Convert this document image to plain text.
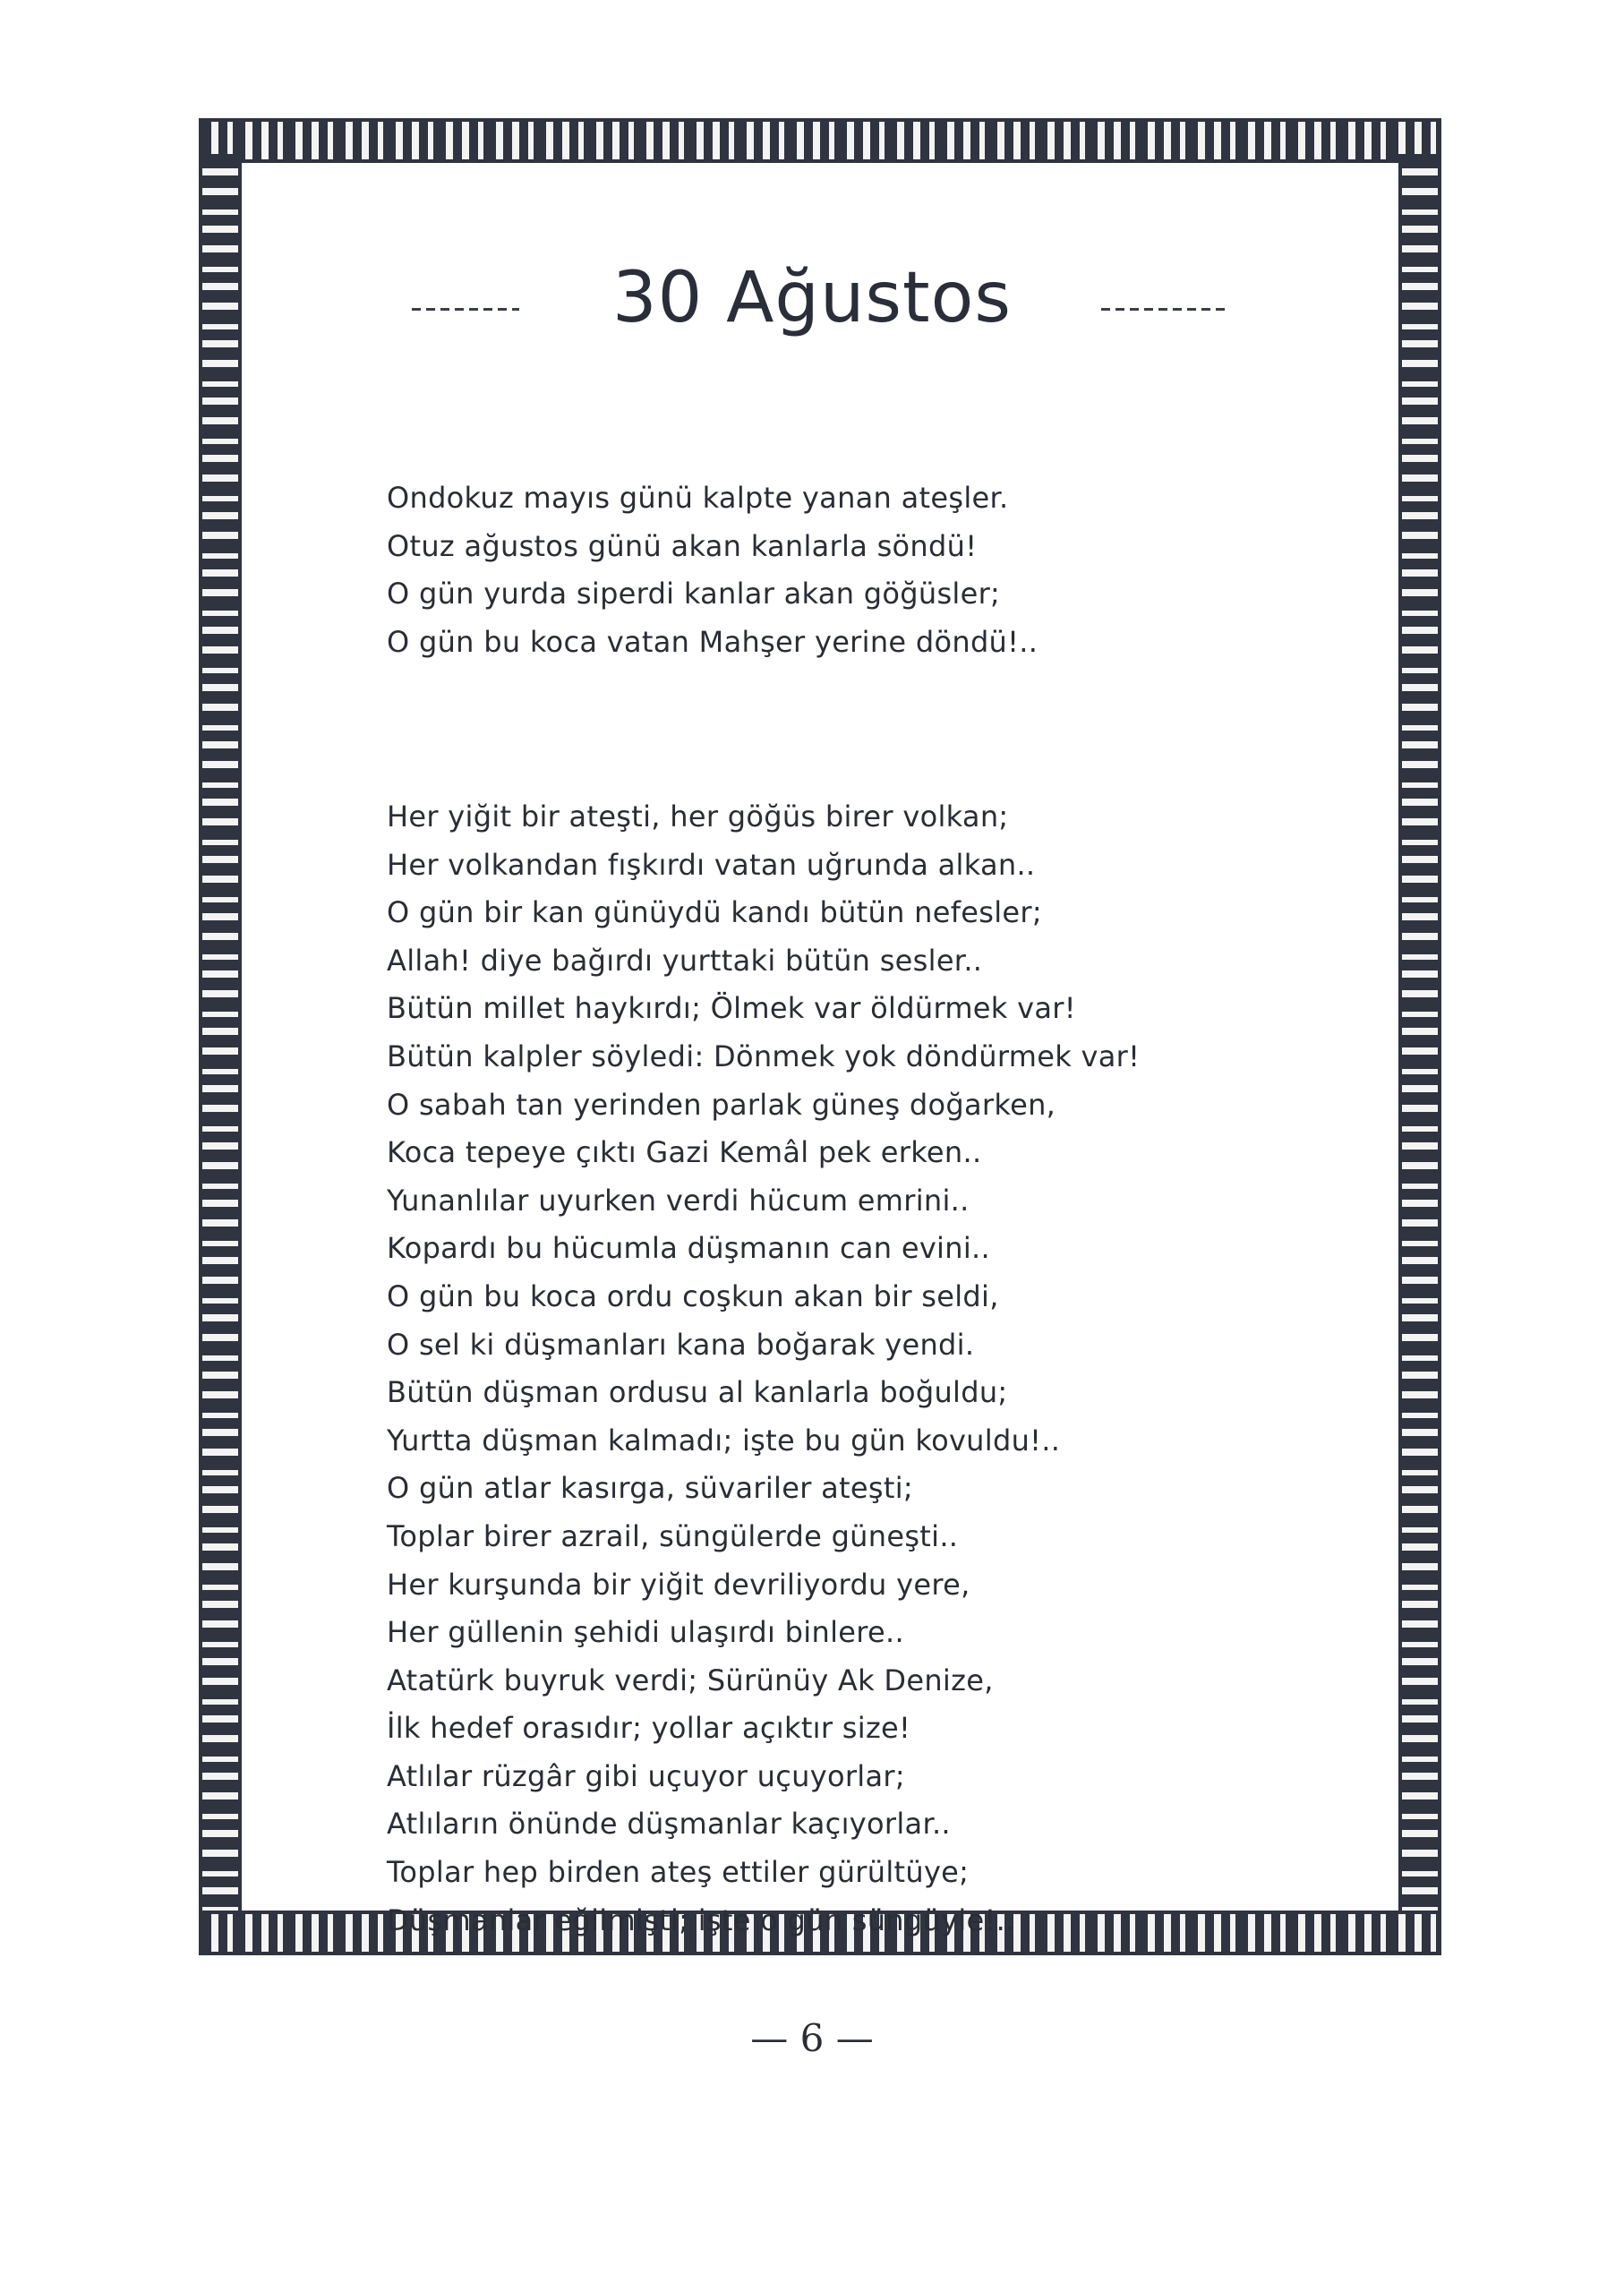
30 Ağustos
Ondokuz mayıs günü kalpte yanan ateşler.
Otuz ağustos günü akan kanlarla söndü!
O gün yurda siperdi kanlar akan göğüsler;
O gün bu koca vatan Mahşer yerine döndü!..
Her yiğit bir ateşti, her göğüs birer volkan;
Her volkandan fışkırdı vatan uğrunda alkan..
O gün bir kan günüydü kandı bütün nefesler;
Allah! diye bağırdı yurttaki bütün sesler..
Bütün millet haykırdı; Ölmek var öldürmek var!
Bütün kalpler söyledi: Dönmek yok döndürmek var!
O sabah tan yerinden parlak güneş doğarken,
Koca tepeye çıktı Gazi Kemâl pek erken..
Yunanlılar uyurken verdi hücum emrini..
Kopardı bu hücumla düşmanın can evini..
O gün bu koca ordu coşkun akan bir seldi,
O sel ki düşmanları kana boğarak yendi.
Bütün düşman ordusu al kanlarla boğuldu;
Yurtta düşman kalmadı; işte bu gün kovuldu!..
O gün atlar kasırga, süvariler ateşti;
Toplar birer azrail, süngülerde güneşti..
Her kurşunda bir yiğit devriliyordu yere,
Her güllenin şehidi ulaşırdı binlere..
Atatürk buyruk verdi; Sürünüy Ak Denize,
İlk hedef orasıdır; yollar açıktır size!
Atlılar rüzgâr gibi uçuyor uçuyorlar;
Atlıların önünde düşmanlar kaçıyorlar..
Toplar hep birden ateş ettiler gürültüye;
Düşmanlar eğilmişti; işte o gün süngüyle!..
— 6 —
